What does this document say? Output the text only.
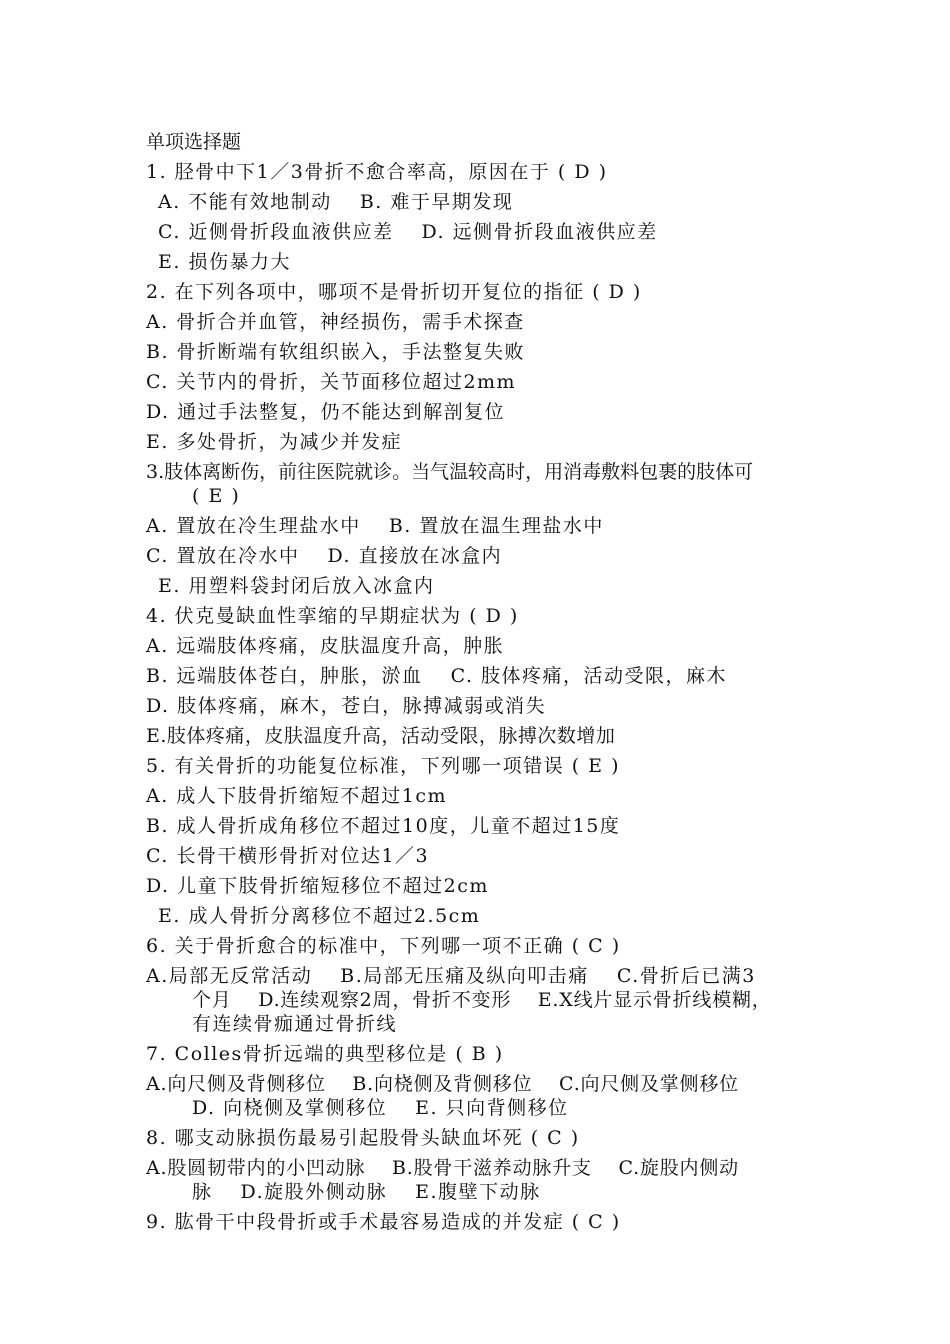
单项选择题
1. 胫骨中下1／3骨折不愈合率高，原因在于 ( D )
A. 不能有效地制动　 B. 难于早期发现
C. 近侧骨折段血液供应差　 D. 远侧骨折段血液供应差
E. 损伤暴力大
2. 在下列各项中，哪项不是骨折切开复位的指征 ( D )
A. 骨折合并血管，神经损伤，需手术探查
B. 骨折断端有软组织嵌入，手法整复失败
C. 关节内的骨折，关节面移位超过2mm
D. 通过手法整复，仍不能达到解剖复位
E. 多处骨折，为减少并发症
3.肢体离断伤，前往医院就诊。当气温较高时，用消毒敷料包裹的肢体可
( E )
A. 置放在冷生理盐水中　 B. 置放在温生理盐水中
C. 置放在冷水中　 D. 直接放在冰盒内
E. 用塑料袋封闭后放入冰盒内
4. 伏克曼缺血性挛缩的早期症状为 ( D )
A. 远端肢体疼痛，皮肤温度升高，肿胀
B. 远端肢体苍白，肿胀，淤血　 C. 肢体疼痛，活动受限，麻木
D. 肢体疼痛，麻木，苍白，脉搏减弱或消失
E.肢体疼痛，皮肤温度升高，活动受限，脉搏次数增加
5. 有关骨折的功能复位标准，下列哪一项错误 ( E )
A. 成人下肢骨折缩短不超过1cm
B. 成人骨折成角移位不超过10度，儿童不超过15度
C. 长骨干横形骨折对位达1／3
D. 儿童下肢骨折缩短移位不超过2cm
E. 成人骨折分离移位不超过2.5cm
6. 关于骨折愈合的标准中，下列哪一项不正确 ( C )
A.局部无反常活动　 B.局部无压痛及纵向叩击痛　 C.骨折后已满3
个月　 D.连续观察2周，骨折不变形　 E.X线片显示骨折线模糊，
有连续骨痂通过骨折线
7. Colles骨折远端的典型移位是 ( B )
A.向尺侧及背侧移位　 B.向桡侧及背侧移位　 C.向尺侧及掌侧移位
D. 向桡侧及掌侧移位　 E. 只向背侧移位
8. 哪支动脉损伤最易引起股骨头缺血坏死 ( C )
A.股圆韧带内的小凹动脉　 B.股骨干滋养动脉升支　 C.旋股内侧动
脉　 D.旋股外侧动脉　 E.腹壁下动脉
9. 肱骨干中段骨折或手术最容易造成的并发症 ( C )
